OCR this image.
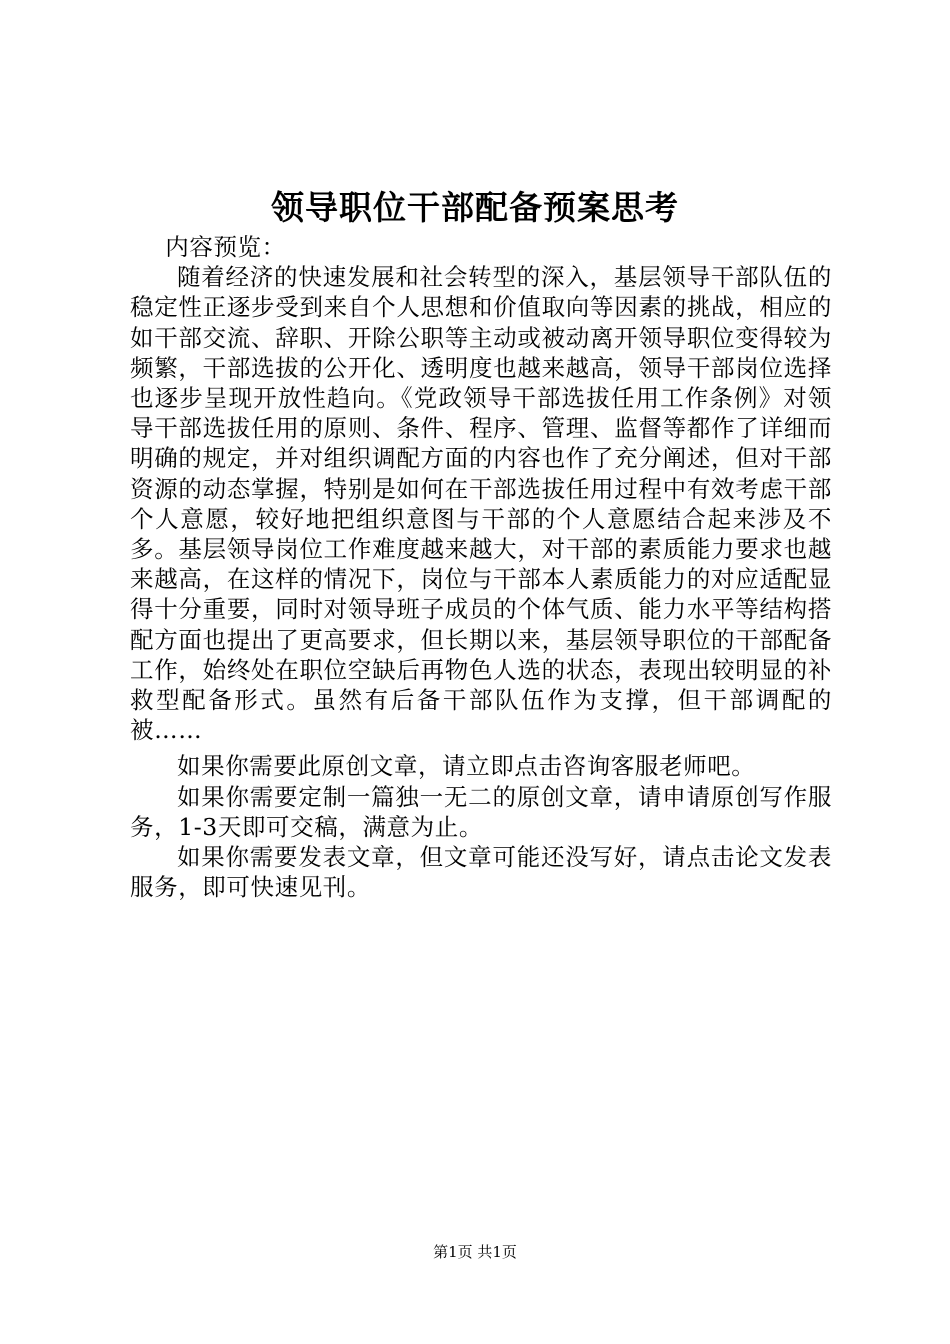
领导职位干部配备预案思考

内容预览：

随着经济的快速发展和社会转型的深入，基层领导干部队伍的稳定性正逐步受到来自个人思想和价值取向等因素的挑战，相应的如干部交流、辞职、开除公职等主动或被动离开领导职位变得较为频繁，干部选拔的公开化、透明度也越来越高，领导干部岗位选择也逐步呈现开放性趋向。《党政领导干部选拔任用工作条例》对领导干部选拔任用的原则、条件、程序、管理、监督等都作了详细而明确的规定，并对组织调配方面的内容也作了充分阐述，但对干部资源的动态掌握，特别是如何在干部选拔任用过程中有效考虑干部个人意愿，较好地把组织意图与干部的个人意愿结合起来涉及不多。基层领导岗位工作难度越来越大，对干部的素质能力要求也越来越高，在这样的情况下，岗位与干部本人素质能力的对应适配显得十分重要，同时对领导班子成员的个体气质、能力水平等结构搭配方面也提出了更高要求，但长期以来，基层领导职位的干部配备工作，始终处在职位空缺后再物色人选的状态，表现出较明显的补救型配备形式。虽然有后备干部队伍作为支撑，但干部调配的被……

如果你需要此原创文章，请立即点击咨询客服老师吧。

如果你需要定制一篇独一无二的原创文章，请申请原创写作服务，1-3天即可交稿，满意为止。

如果你需要发表文章，但文章可能还没写好，请点击论文发表服务，即可快速见刊。

第1页 共1页
